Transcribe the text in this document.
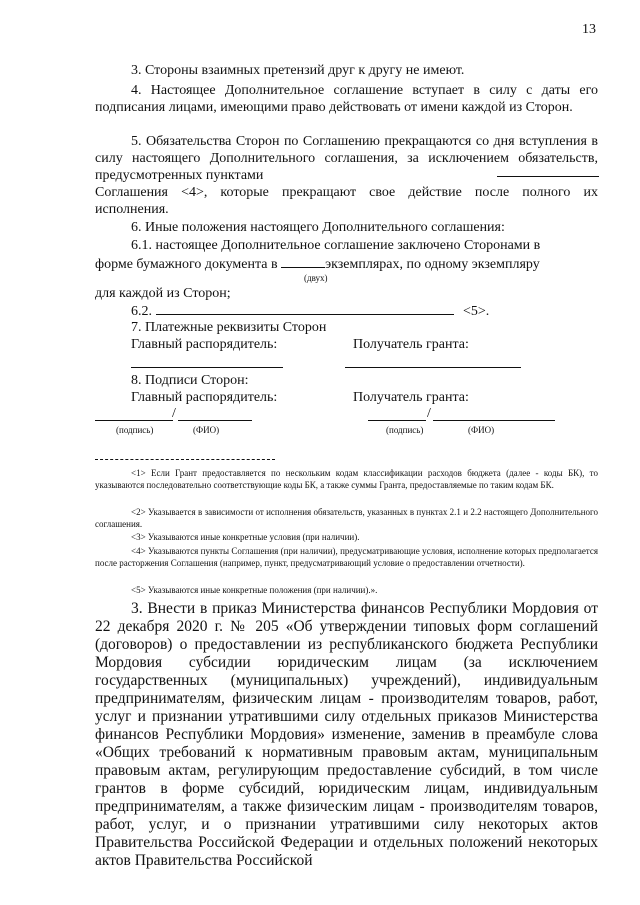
13

3. Стороны взаимных претензий друг к другу не имеют.

4. Настоящее Дополнительное соглашение вступает в силу с даты его подписания лицами, имеющими право действовать от имени каждой из Сторон.

5. Обязательства Сторон по Соглашению прекращаются со дня вступления в силу настоящего Дополнительного соглашения, за исключением обязательств, предусмотренных пунктами

Соглашения <4>, которые прекращают свое действие после полного их исполнения.

6. Иные положения настоящего Дополнительного соглашения:

6.1. настоящее Дополнительное соглашение заключено Сторонами в

форме бумажного документа в	экземплярах, по одному экземпляру
(двух)

для каждой из Сторон;

6.2.	<5>.

7. Платежные реквизиты Сторон

Главный распорядитель:	Получатель гранта:

8. Подписи Сторон:

Главный распорядитель:	Получатель гранта:

/
(подпись)	(ФИО)
/
(подпись)	(ФИО)

<1> Если Грант предоставляется по нескольким кодам классификации расходов бюджета (далее - коды БК), то указываются последовательно соответствующие коды БК, а также суммы Гранта, предоставляемые по таким кодам БК.

<2> Указывается в зависимости от исполнения обязательств, указанных в пунктах 2.1 и 2.2 настоящего Дополнительного соглашения.

<3> Указываются иные конкретные условия (при наличии).

<4> Указываются пункты Соглашения (при наличии), предусматривающие условия, исполнение которых предполагается после расторжения Соглашения (например, пункт, предусматривающий условие о предоставлении отчетности).

<5> Указываются иные конкретные положения (при наличии).».

3. Внести в приказ Министерства финансов Республики Мордовия от 22 декабря 2020 г. № 205 «Об утверждении типовых форм соглашений (договоров) о предоставлении из республиканского бюджета Республики Мордовия субсидии юридическим лицам (за исключением государственных (муниципальных) учреждений), индивидуальным предпринимателям, физическим лицам - производителям товаров, работ, услуг и признании утратившими силу отдельных приказов Министерства финансов Республики Мордовия» изменение, заменив в преамбуле слова «Общих требований к нормативным правовым актам, муниципальным правовым актам, регулирующим предоставление субсидий, в том числе грантов в форме субсидий, юридическим лицам, индивидуальным предпринимателям, а также физическим лицам - производителям товаров, работ, услуг, и о признании утратившими силу некоторых актов Правительства Российской Федерации и отдельных положений некоторых актов Правительства Российской
